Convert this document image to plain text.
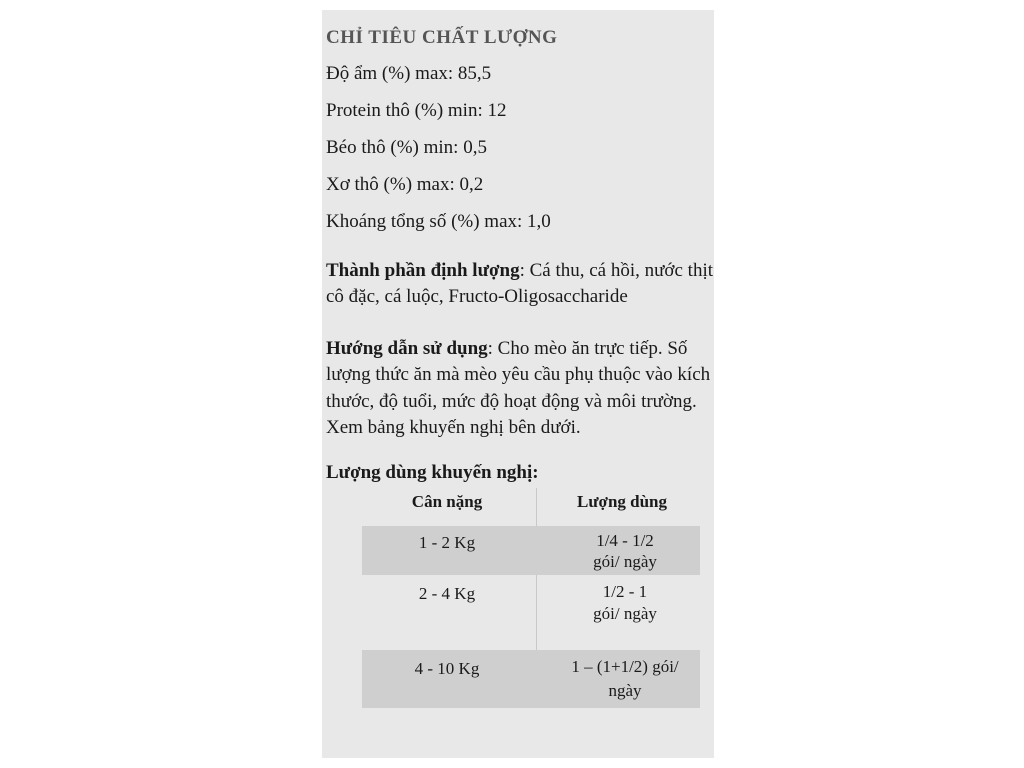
CHỈ TIÊU CHẤT LƯỢNG

Độ ẩm (%) max: 85,5

Protein thô (%) min: 12

Béo thô (%) min: 0,5

Xơ thô (%) max: 0,2

Khoáng tổng số (%) max: 1,0

Thành phần định lượng: Cá thu, cá hồi, nước thịt cô đặc, cá luộc, Fructo-Oligosaccharide

Hướng dẫn sử dụng: Cho mèo ăn trực tiếp. Số lượng thức ăn mà mèo yêu cầu phụ thuộc vào kích thước, độ tuổi, mức độ hoạt động và môi trường. Xem bảng khuyến nghị bên dưới.

Lượng dùng khuyến nghị:

Cân nặng	Lượng dùng
1 - 2 Kg	1/4 - 1/2
gói/ ngày
2 - 4 Kg	1/2 - 1
gói/ ngày
4 - 10 Kg	1 – (1+1/2) gói/
ngày
